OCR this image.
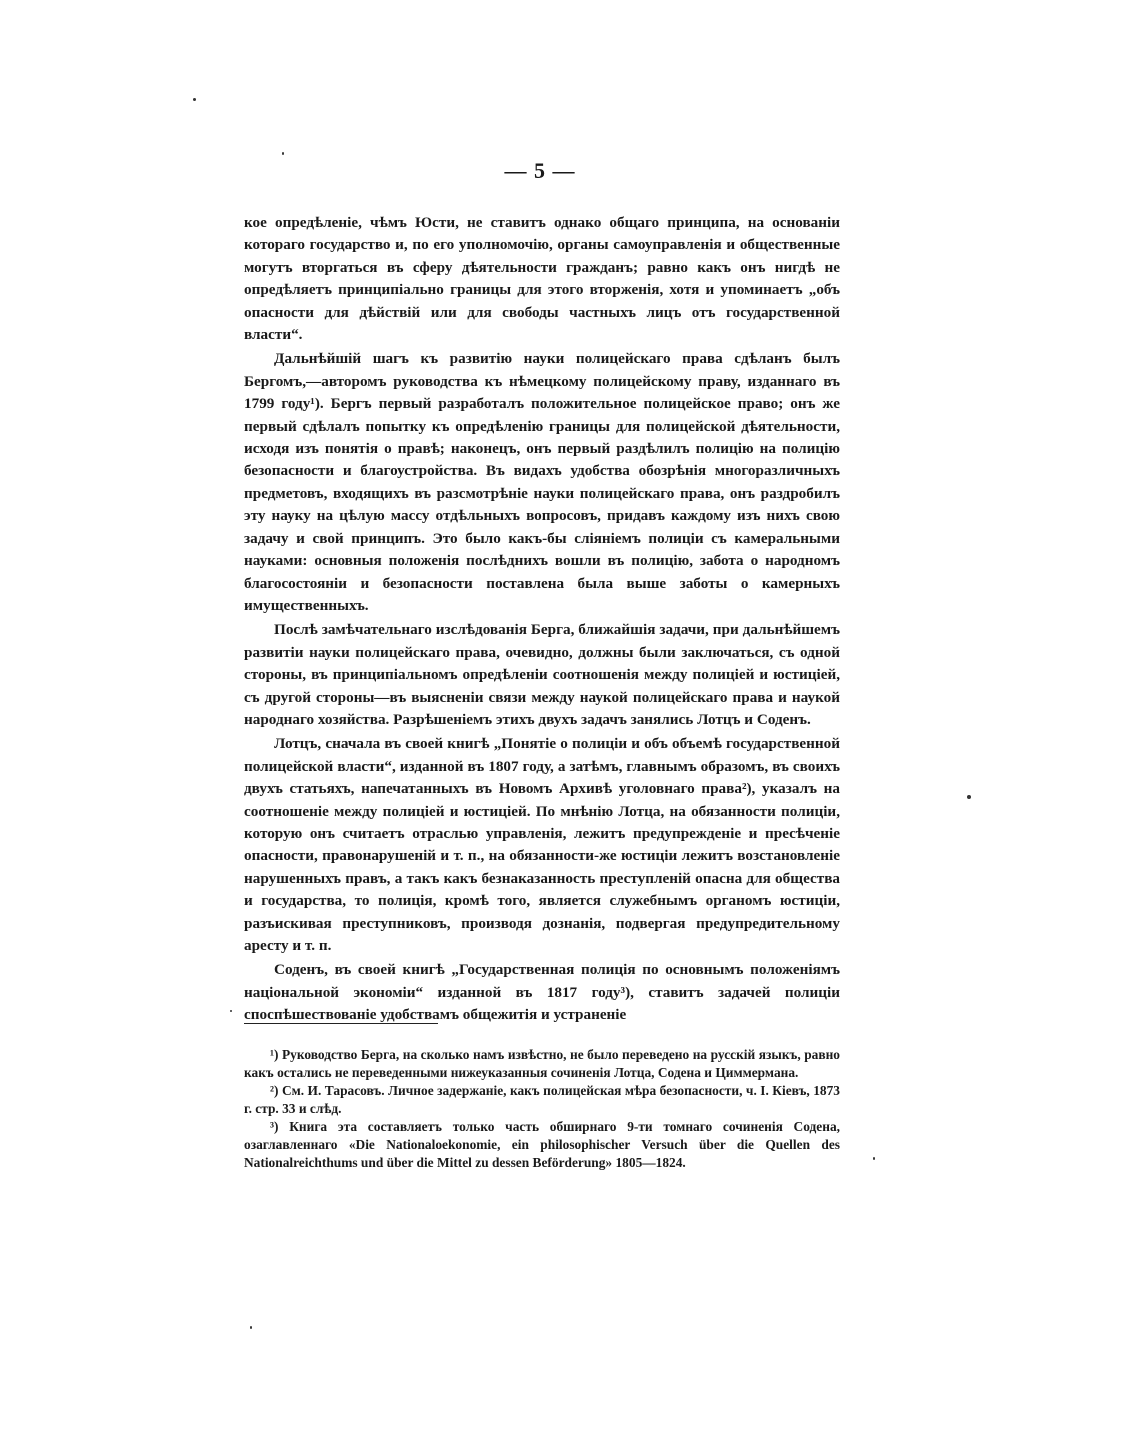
— 5 —

кое опредѣленіе, чѣмъ Юсти, не ставитъ однако общаго принципа, на основаніи котораго государство и, по его уполномочію, органы самоуправленія и общественные могутъ вторгаться въ сферу дѣятельности гражданъ; равно какъ онъ нигдѣ не опредѣляетъ принципіально границы для этого вторженія, хотя и упоминаетъ „объ опасности для дѣйствій или для свободы частныхъ лицъ отъ государственной власти“.

Дальнѣйшій шагъ къ развитію науки полицейскаго права сдѣланъ былъ Бергомъ,—авторомъ руководства къ нѣмецкому полицейскому праву, изданнаго въ 1799 году¹). Бергъ первый разработалъ положительное полицейское право; онъ же первый сдѣлалъ попытку къ опредѣленію границы для полицейской дѣятельности, исходя изъ понятія о правѣ; наконецъ, онъ первый раздѣлилъ полицію на полицію безопасности и благоустройства. Въ видахъ удобства обозрѣнія многоразличныхъ предметовъ, входящихъ въ разсмотрѣніе науки полицейскаго права, онъ раздробилъ эту науку на цѣлую массу отдѣльныхъ вопросовъ, придавъ каждому изъ нихъ свою задачу и свой принципъ. Это было какъ-бы сліяніемъ полиціи съ камеральными науками: основныя положенія послѣднихъ вошли въ полицію, забота о народномъ благосостояніи и безопасности поставлена была выше заботы о камерныхъ имущественныхъ.

Послѣ замѣчательнаго изслѣдованія Берга, ближайшія задачи, при дальнѣйшемъ развитіи науки полицейскаго права, очевидно, должны были заключаться, съ одной стороны, въ принципіальномъ опредѣленіи соотношенія между полиціей и юстиціей, съ другой стороны—въ выясненіи связи между наукой полицейскаго права и наукой народнаго хозяйства. Разрѣшеніемъ этихъ двухъ задачъ занялись Лотцъ и Соденъ.

Лотцъ, сначала въ своей книгѣ „Понятіе о полиціи и объ объемѣ государственной полицейской власти“, изданной въ 1807 году, а затѣмъ, главнымъ образомъ, въ своихъ двухъ статьяхъ, напечатанныхъ въ Новомъ Архивѣ уголовнаго права²), указалъ на соотношеніе между полиціей и юстиціей. По мнѣнію Лотца, на обязанности полиціи, которую онъ считаетъ отраслью управленія, лежитъ предупрежденіе и пресѣченіе опасности, правонарушеній и т. п., на обязанности-же юстиціи лежитъ возстановленіе нарушенныхъ правъ, а такъ какъ безнаказанность преступленій опасна для общества и государства, то полиція, кромѣ того, является служебнымъ органомъ юстиціи, разъискивая преступниковъ, производя дознанія, подвергая предупредительному аресту и т. п.

Соденъ, въ своей книгѣ „Государственная полиція по основнымъ положеніямъ національной экономіи“ изданной въ 1817 году³), ставитъ задачей полиціи споспѣшествованіе удобствамъ общежитія и устраненіе

¹) Руководство Берга, на сколько намъ извѣстно, не было переведено на русскій языкъ, равно какъ остались не переведенными нижеуказанныя сочиненія Лотца, Содена и Циммермана.

²) См. И. Тарасовъ. Личное задержаніе, какъ полицейская мѣра безопасности, ч. I. Кіевъ, 1873 г. стр. 33 и слѣд.

³) Книга эта составляетъ только часть обширнаго 9-ти томнаго сочиненія Содена, озаглавленнаго «Die Nationaloekonomie, ein philosophischer Versuch über die Quellen des Nationalreichthums und über die Mittel zu dessen Beförderung» 1805—1824.
